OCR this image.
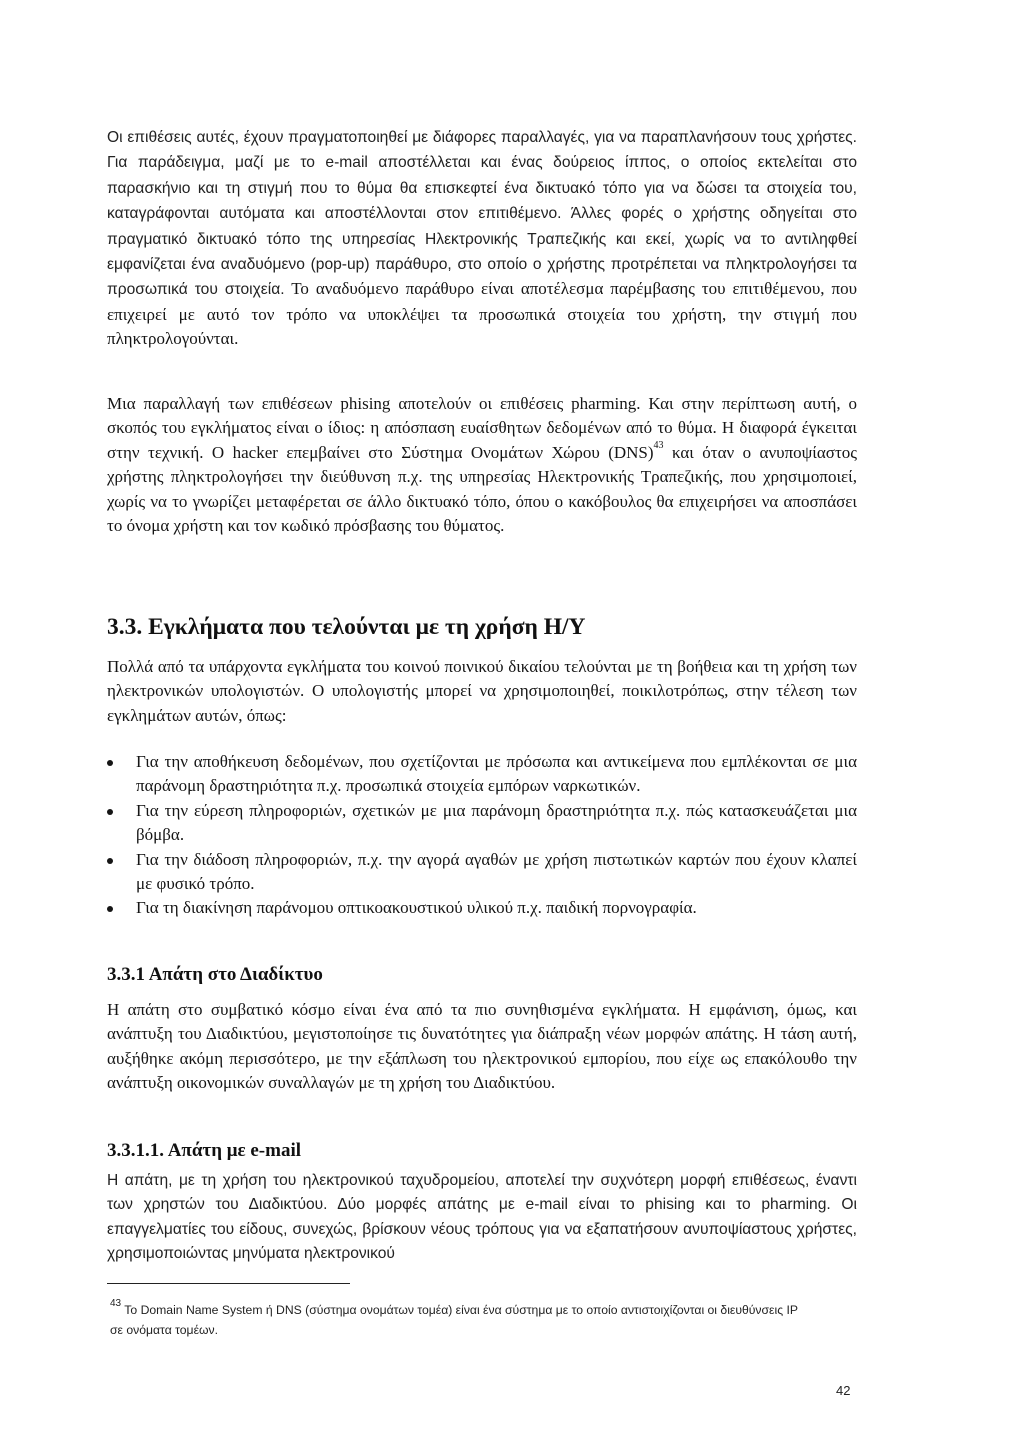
Οι επιθέσεις αυτές, έχουν πραγματοποιηθεί με διάφορες παραλλαγές, για να παραπλανήσουν τους χρήστες. Για παράδειγμα, μαζί με το e-mail αποστέλλεται και ένας δούρειος ίππος, ο οποίος εκτελείται στο παρασκήνιο και τη στιγμή που το θύμα θα επισκεφτεί ένα δικτυακό τόπο για να δώσει τα στοιχεία του, καταγράφονται αυτόματα και αποστέλλονται στον επιτιθέμενο. Άλλες φορές ο χρήστης οδηγείται στο πραγματικό δικτυακό τόπο της υπηρεσίας Ηλεκτρονικής Τραπεζικής και εκεί, χωρίς να το αντιληφθεί εμφανίζεται ένα αναδυόμενο (pop-up) παράθυρο, στο οποίο ο χρήστης προτρέπεται να πληκτρολογήσει τα προσωπικά του στοιχεία. Το αναδυόμενο παράθυρο είναι αποτέλεσμα παρέμβασης του επιτιθέμενου, που επιχειρεί με αυτό τον τρόπο να υποκλέψει τα προσωπικά στοιχεία του χρήστη, την στιγμή που πληκτρολογούνται.

Μια παραλλαγή των επιθέσεων phising αποτελούν οι επιθέσεις pharming. Και στην περίπτωση αυτή, ο σκοπός του εγκλήματος είναι ο ίδιος: η απόσπαση ευαίσθητων δεδομένων από το θύμα. Η διαφορά έγκειται στην τεχνική. Ο hacker επεμβαίνει στο Σύστημα Ονομάτων Χώρου (DNS)$^{43}$ και όταν ο ανυποψίαστος χρήστης πληκτρολογήσει την διεύθυνση π.χ. της υπηρεσίας Ηλεκτρονικής Τραπεζικής, που χρησιμοποιεί, χωρίς να το γνωρίζει μεταφέρεται σε άλλο δικτυακό τόπο, όπου ο κακόβουλος θα επιχειρήσει να αποσπάσει το όνομα χρήστη και τον κωδικό πρόσβασης του θύματος.

3.3. Εγκλήματα που τελούνται με τη χρήση Η/Υ

Πολλά από τα υπάρχοντα εγκλήματα του κοινού ποινικού δικαίου τελούνται με τη βοήθεια και τη χρήση των ηλεκτρονικών υπολογιστών. Ο υπολογιστής μπορεί να χρησιμοποιηθεί, ποικιλοτρόπως, στην τέλεση των εγκλημάτων αυτών, όπως:

Για την αποθήκευση δεδομένων, που σχετίζονται με πρόσωπα και αντικείμενα που εμπλέκονται σε μια παράνομη δραστηριότητα π.χ. προσωπικά στοιχεία εμπόρων ναρκωτικών.
Για την εύρεση πληροφοριών, σχετικών με μια παράνομη δραστηριότητα π.χ. πώς κατασκευάζεται μια βόμβα.
Για την διάδοση πληροφοριών, π.χ. την αγορά αγαθών με χρήση πιστωτικών καρτών που έχουν κλαπεί με φυσικό τρόπο.
Για τη διακίνηση παράνομου οπτικοακουστικού υλικού π.χ. παιδική πορνογραφία.
3.3.1 Απάτη στο Διαδίκτυο

Η απάτη στο συμβατικό κόσμο είναι ένα από τα πιο συνηθισμένα εγκλήματα. Η εμφάνιση, όμως, και ανάπτυξη του Διαδικτύου, μεγιστοποίησε τις δυνατότητες για διάπραξη νέων μορφών απάτης. Η τάση αυτή, αυξήθηκε ακόμη περισσότερο, με την εξάπλωση του ηλεκτρονικού εμπορίου, που είχε ως επακόλουθο την ανάπτυξη οικονομικών συναλλαγών με τη χρήση του Διαδικτύου.

3.3.1.1. Απάτη με e-mail

Η απάτη, με τη χρήση του ηλεκτρονικού ταχυδρομείου, αποτελεί την συχνότερη μορφή επιθέσεως, έναντι των χρηστών του Διαδικτύου. Δύο μορφές απάτης με e-mail είναι το phising και το pharming. Οι επαγγελματίες του είδους, συνεχώς, βρίσκουν νέους τρόπους για να εξαπατήσουν ανυποψίαστους χρήστες, χρησιμοποιώντας μηνύματα ηλεκτρονικού

$^{43}$ Το Domain Name System ή DNS (σύστημα ονομάτων τομέα) είναι ένα σύστημα με το οποίο αντιστοιχίζονται οι διευθύνσεις IP σε ονόματα τομέων.
42
